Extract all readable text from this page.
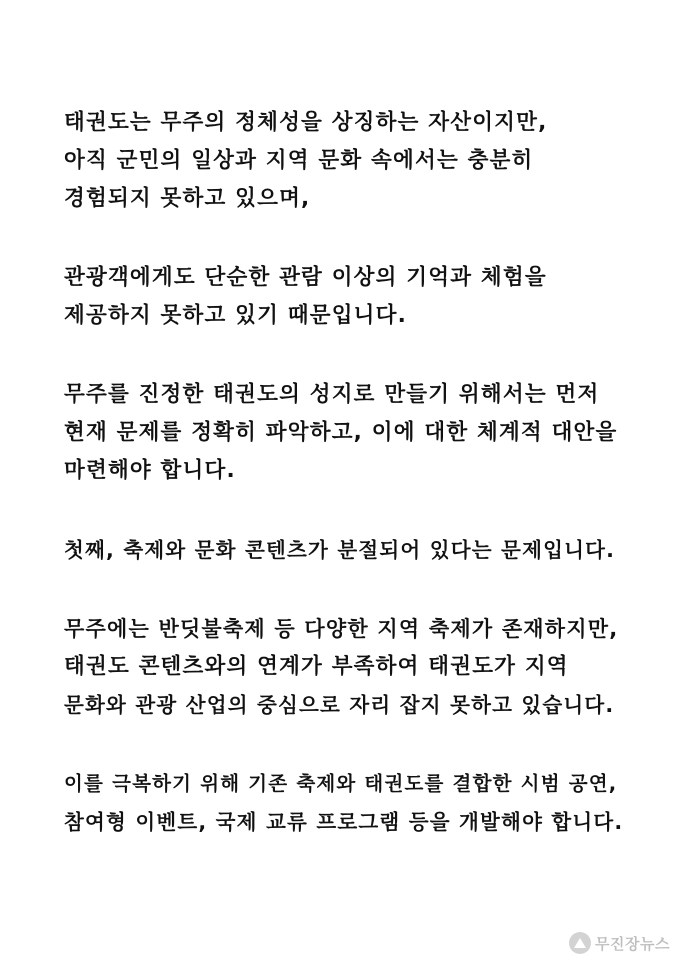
태권도는 무주의 정체성을 상징하는 자산이지만,
아직 군민의 일상과 지역 문화 속에서는 충분히
경험되지 못하고 있으며,
관광객에게도 단순한 관람 이상의 기억과 체험을
제공하지 못하고 있기 때문입니다.
무주를 진정한 태권도의 성지로 만들기 위해서는 먼저
현재 문제를 정확히 파악하고, 이에 대한 체계적 대안을
마련해야 합니다.
첫째, 축제와 문화 콘텐츠가 분절되어 있다는 문제입니다.
무주에는 반딧불축제 등 다양한 지역 축제가 존재하지만,
태권도 콘텐츠와의 연계가 부족하여 태권도가 지역
문화와 관광 산업의 중심으로 자리 잡지 못하고 있습니다.
이를 극복하기 위해 기존 축제와 태권도를 결합한 시범 공연,
참여형 이벤트, 국제 교류 프로그램 등을 개발해야 합니다.
무진장뉴스
